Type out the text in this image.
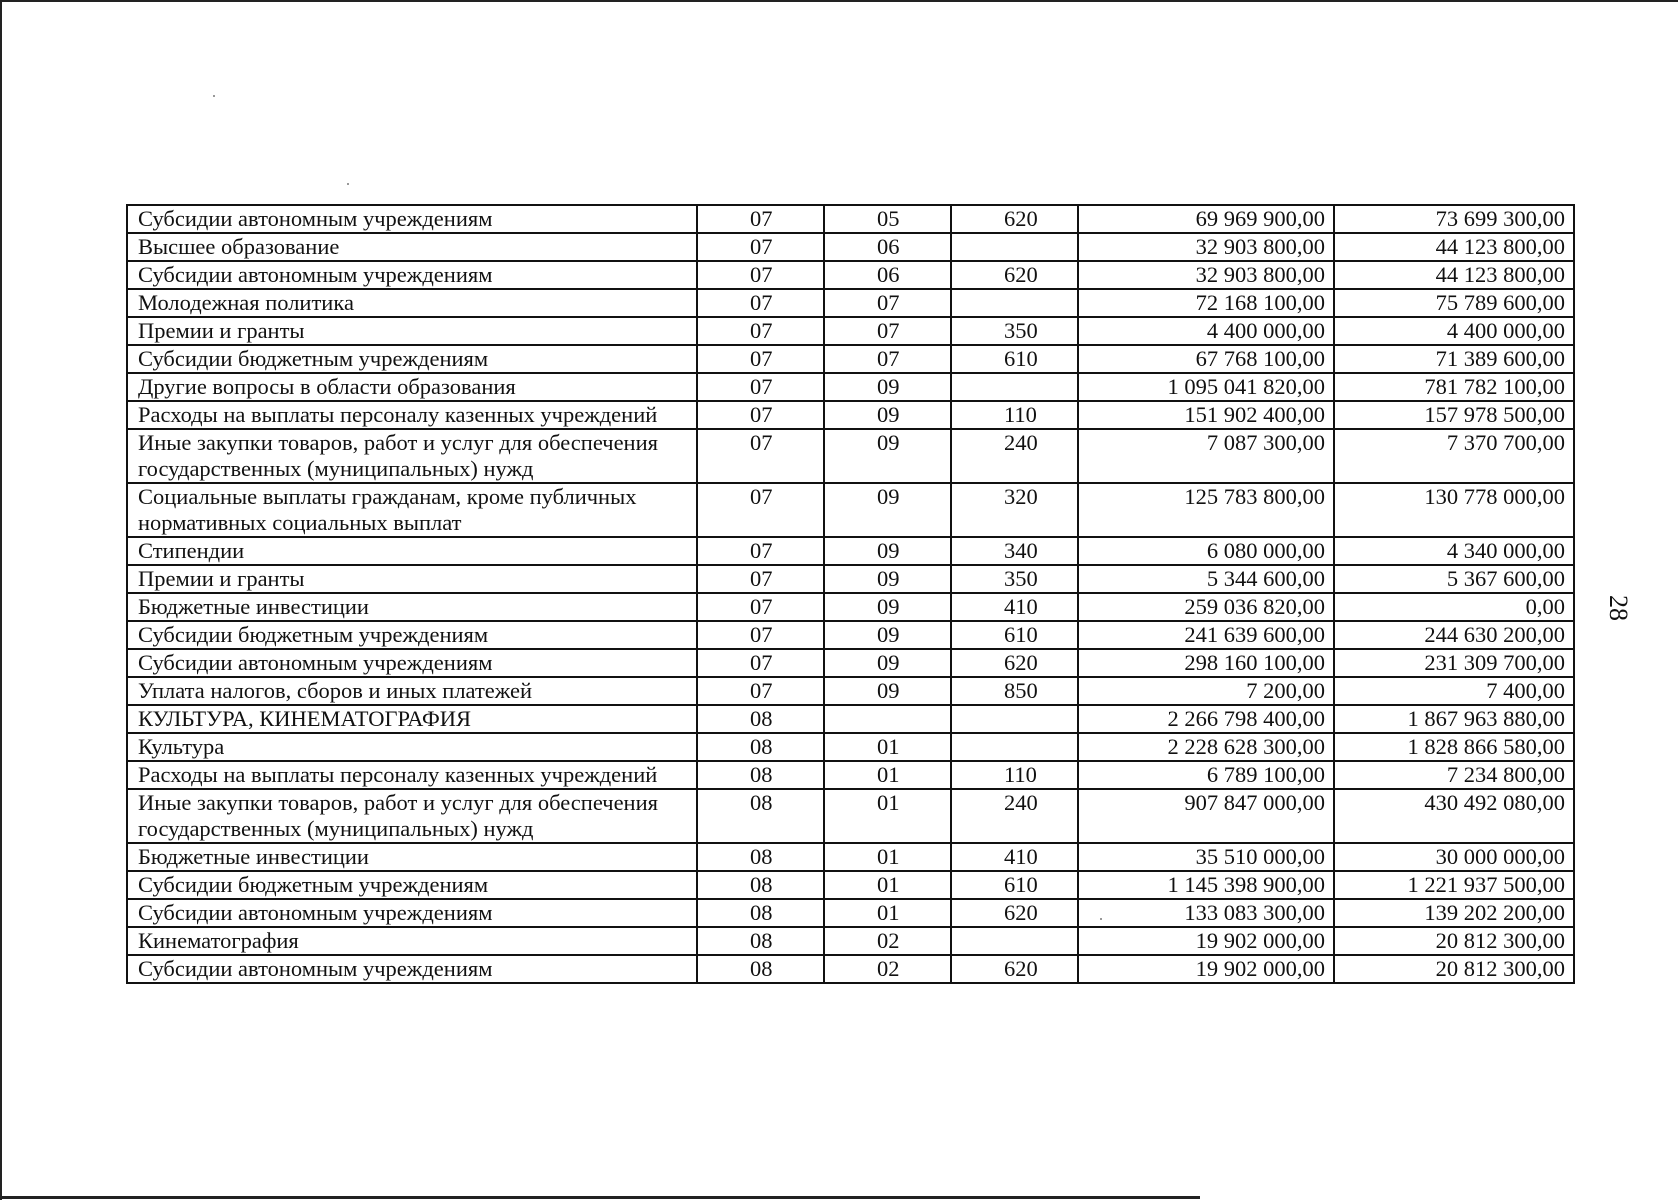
Субсидии автономным учреждениям	07	05	620	69 969 900,00	73 699 300,00
Высшее образование	07	06		32 903 800,00	44 123 800,00
Субсидии автономным учреждениям	07	06	620	32 903 800,00	44 123 800,00
Молодежная политика	07	07		72 168 100,00	75 789 600,00
Премии и гранты	07	07	350	4 400 000,00	4 400 000,00
Субсидии бюджетным учреждениям	07	07	610	67 768 100,00	71 389 600,00
Другие вопросы в области образования	07	09		1 095 041 820,00	781 782 100,00
Расходы на выплаты персоналу казенных учреждений	07	09	110	151 902 400,00	157 978 500,00
Иные закупки товаров, работ и услуг для обеспечения государственных (муниципальных) нужд	07	09	240	7 087 300,00	7 370 700,00
Социальные выплаты гражданам, кроме публичных нормативных социальных выплат	07	09	320	125 783 800,00	130 778 000,00
Стипендии	07	09	340	6 080 000,00	4 340 000,00
Премии и гранты	07	09	350	5 344 600,00	5 367 600,00
Бюджетные инвестиции	07	09	410	259 036 820,00	0,00
Субсидии бюджетным учреждениям	07	09	610	241 639 600,00	244 630 200,00
Субсидии автономным учреждениям	07	09	620	298 160 100,00	231 309 700,00
Уплата налогов, сборов и иных платежей	07	09	850	7 200,00	7 400,00
КУЛЬТУРА, КИНЕМАТОГРАФИЯ	08			2 266 798 400,00	1 867 963 880,00
Культура	08	01		2 228 628 300,00	1 828 866 580,00
Расходы на выплаты персоналу казенных учреждений	08	01	110	6 789 100,00	7 234 800,00
Иные закупки товаров, работ и услуг для обеспечения государственных (муниципальных) нужд	08	01	240	907 847 000,00	430 492 080,00
Бюджетные инвестиции	08	01	410	35 510 000,00	30 000 000,00
Субсидии бюджетным учреждениям	08	01	610	1 145 398 900,00	1 221 937 500,00
Субсидии автономным учреждениям	08	01	620	133 083 300,00	139 202 200,00
Кинематография	08	02		19 902 000,00	20 812 300,00
Субсидии автономным учреждениям	08	02	620	19 902 000,00	20 812 300,00
28
